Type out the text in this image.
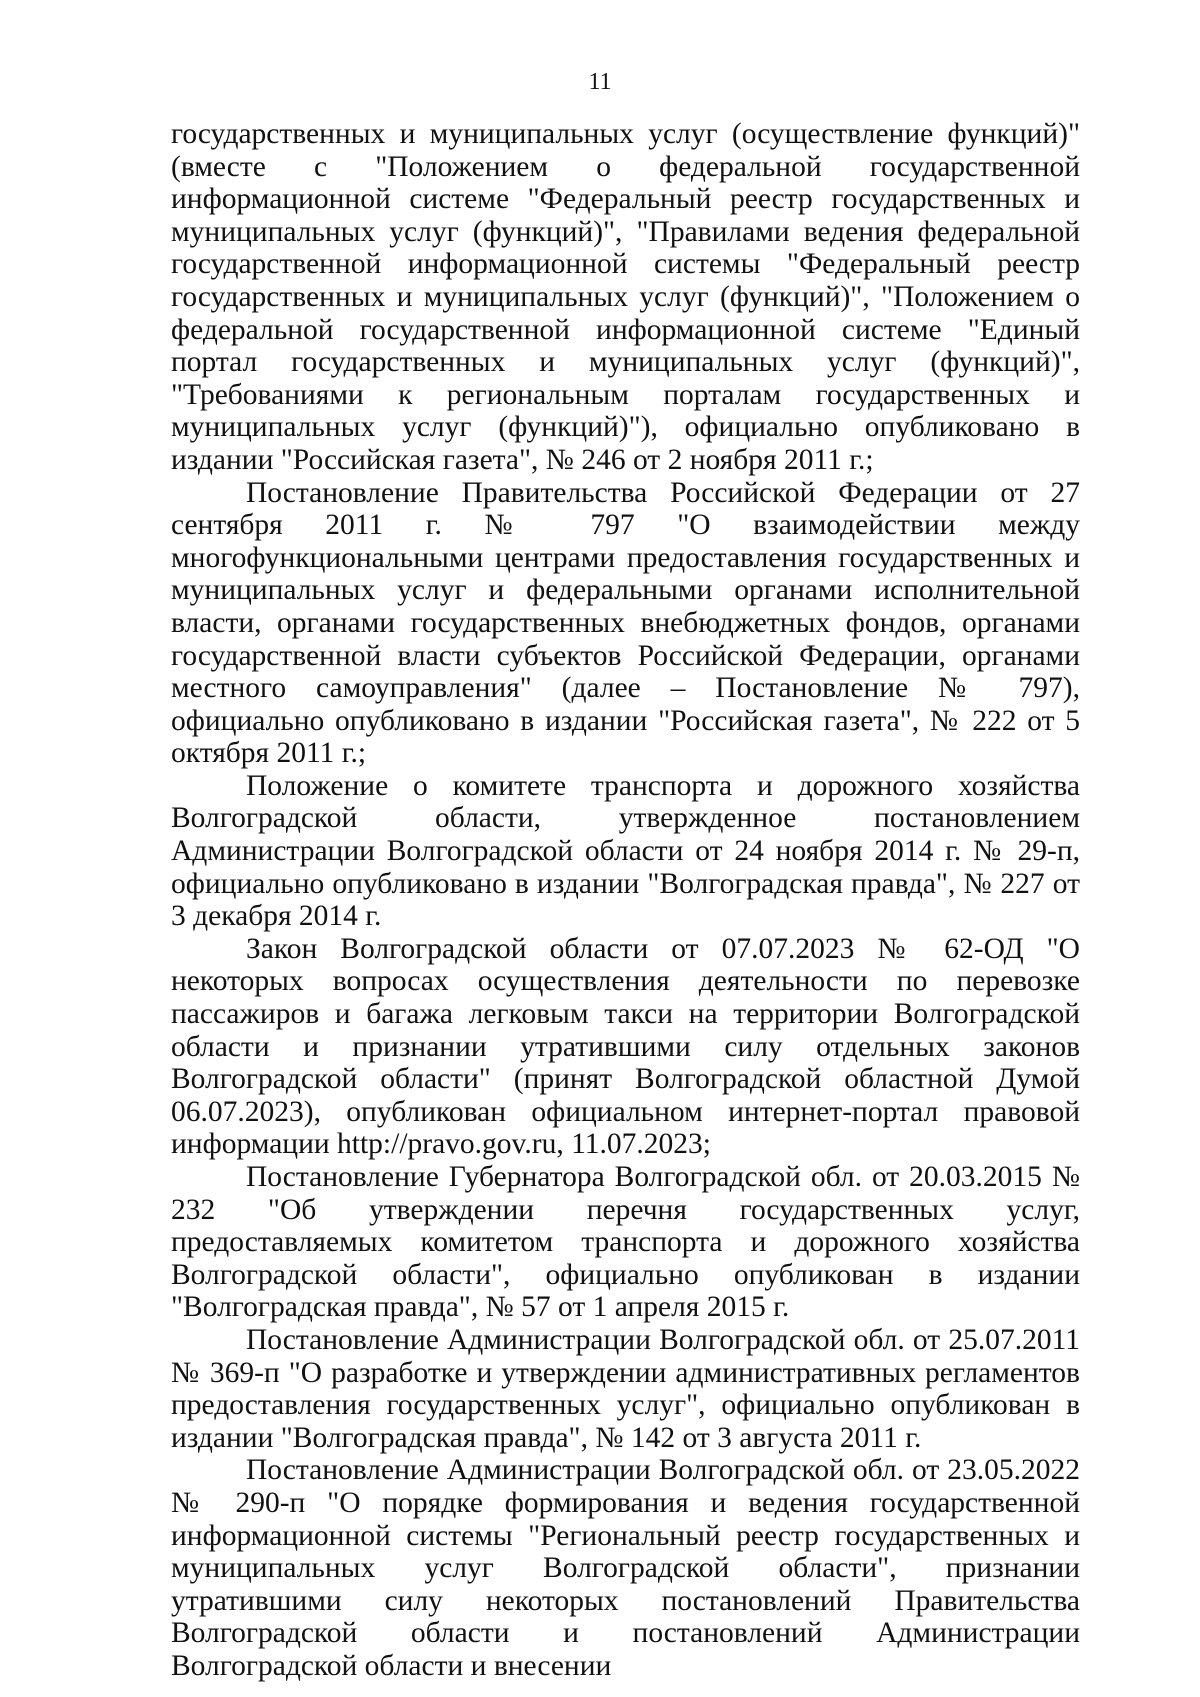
11

государственных и муниципальных услуг (осуществление функций)" (вместе с "Положением о федеральной государственной информационной системе "Федеральный реестр государственных и муниципальных услуг (функций)", "Правилами ведения федеральной государственной информационной системы "Федеральный реестр государственных и муниципальных услуг (функций)", "Положением о федеральной государственной информационной системе "Единый портал государственных и муниципальных услуг (функций)", "Требованиями к региональным порталам государственных и муниципальных услуг (функций)"), официально опубликовано в издании "Российская газета", № 246 от 2 ноября 2011 г.;

Постановление Правительства Российской Федерации от 27 сентября 2011 г. № 797 "О взаимодействии между многофункциональными центрами предоставления государственных и муниципальных услуг и федеральными органами исполнительной власти, органами государственных внебюджетных фондов, органами государственной власти субъектов Российской Федерации, органами местного самоуправления" (далее – Постановление № 797), официально опубликовано в издании "Российская газета", № 222 от 5 октября 2011 г.;

Положение о комитете транспорта и дорожного хозяйства Волгоградской области, утвержденное постановлением Администрации Волгоградской области от 24 ноября 2014 г. № 29-п, официально опубликовано в издании "Волгоградская правда", № 227 от 3 декабря 2014 г.

Закон Волгоградской области от 07.07.2023 № 62-ОД "О некоторых вопросах осуществления деятельности по перевозке пассажиров и багажа легковым такси на территории Волгоградской области и признании утратившими силу отдельных законов Волгоградской области" (принят Волгоградской областной Думой 06.07.2023), опубликован официальном интернет-портал правовой информации http://pravo.gov.ru, 11.07.2023;

Постановление Губернатора Волгоградской обл. от 20.03.2015 № 232 "Об утверждении перечня государственных услуг, предоставляемых комитетом транспорта и дорожного хозяйства Волгоградской области", официально опубликован в издании "Волгоградская правда", № 57 от 1 апреля 2015 г.

Постановление Администрации Волгоградской обл. от 25.07.2011 № 369-п "О разработке и утверждении административных регламентов предоставления государственных услуг", официально опубликован в издании "Волгоградская правда", № 142 от 3 августа 2011 г.

Постановление Администрации Волгоградской обл. от 23.05.2022 № 290-п "О порядке формирования и ведения государственной информационной системы "Региональный реестр государственных и муниципальных услуг Волгоградской области", признании утратившими силу некоторых постановлений Правительства Волгоградской области и постановлений Администрации Волгоградской области и внесении
